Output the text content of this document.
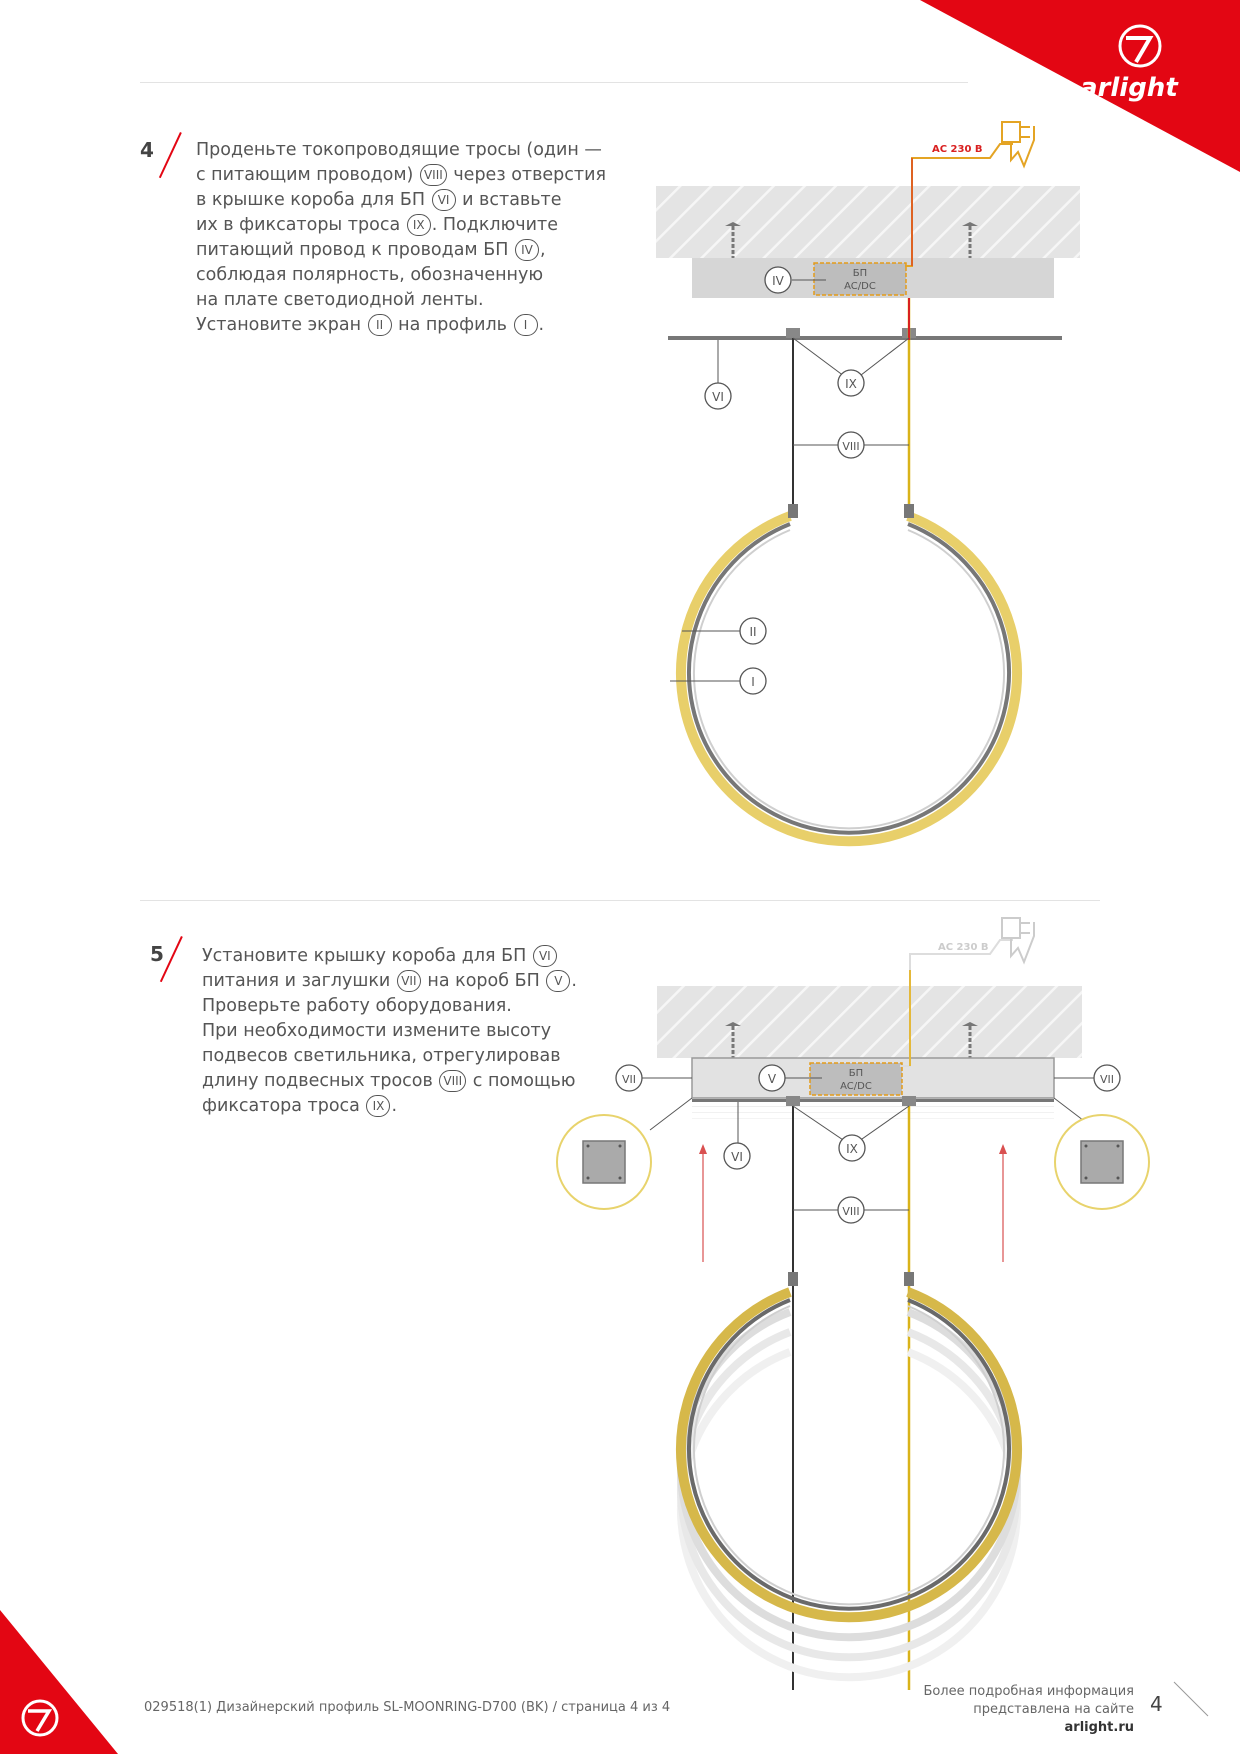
arlight
4 Проденьте токопроводящие тросы (один —

с питающим проводом) VIII через отверстия

в крышке короба для БП VI и вставьте

их в фиксаторы троса IX . Подключите

питающий провод к проводам БП IV ,

соблюдая полярность, обозначенную

на плате светодиодной ленты.

Установите экран II на профиль I .

5 Установите крышку короба для БП VI

питания и заглушки VII на короб БП V .

Проверьте работу оборудования.

При необходимости измените высоту

подвесов светильника, отрегулировав

длину подвесных тросов VIII с помощью

фиксатора троса IX .

БП
AC/DC
IV
AC 230 В
IX
VI
VIII
II
I
БП
AC/DC
V
AC 230 В
IX
VI
VIII
VII	VII
029518(1) Дизайнерский профиль SL-MOONRING-D700 (BK) / страница 4 из 4
Более подробная информация
представлена на сайте arlight.ru
4
